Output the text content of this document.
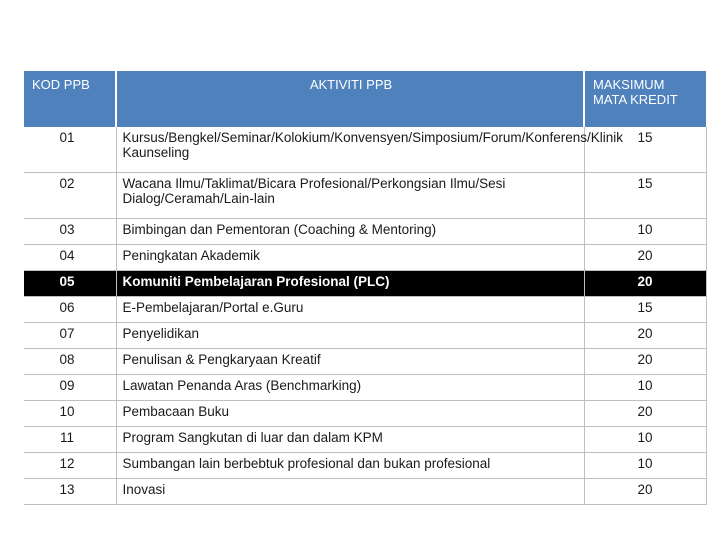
KOD PPB	AKTIVITI PPB	MAKSIMUM MATA KREDIT
01	Kursus/Bengkel/Seminar/Kolokium/Konvensyen/Simposium/Forum/Konferens/Klinik Kaunseling	15
02	Wacana Ilmu/Taklimat/Bicara Profesional/Perkongsian Ilmu/Sesi Dialog/Ceramah/Lain-lain	15
03	Bimbingan dan Pementoran (Coaching & Mentoring)	10
04	Peningkatan Akademik	20
05	Komuniti Pembelajaran Profesional (PLC)	20
06	E-Pembelajaran/Portal e.Guru	15
07	Penyelidikan	20
08	Penulisan & Pengkaryaan Kreatif	20
09	Lawatan Penanda Aras (Benchmarking)	10
10	Pembacaan Buku	20
11	Program Sangkutan di luar dan dalam KPM	10
12	Sumbangan lain berbebtuk profesional dan bukan profesional	10
13	Inovasi	20
